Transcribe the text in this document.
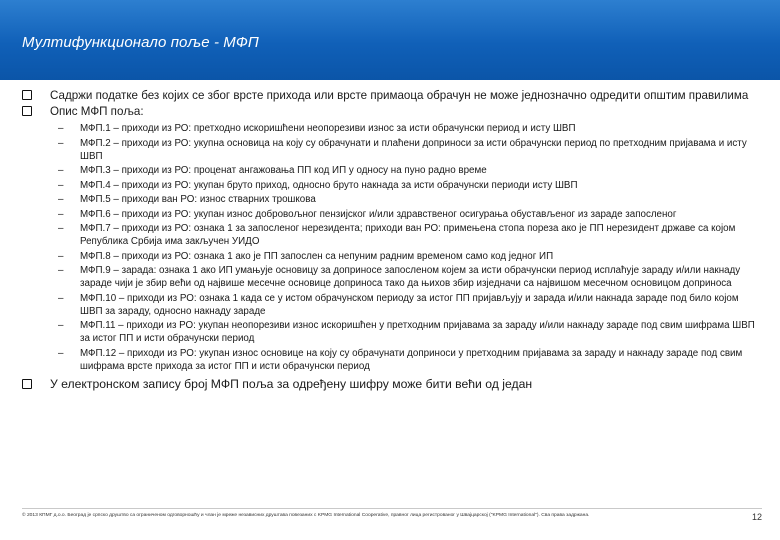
Мултифункционало поље - МФП
Садржи податке без којих се због врсте прихода или врсте примаоца обрачун не може једнозначно одредити општим правилима
Опис МФП поља:
– МФП.1 – приходи из РО: претходно искоришћени неопорезиви износ за исти обрачунски период и исту ШВП
– МФП.2 – приходи из РО: укупна основица на коју су обрачунати и плаћени доприноси за исти обрачунски период по претходним пријавама и исту ШВП
– МФП.3 – приходи из РО: проценат ангажовања ПП код ИП у односу на пуно радно време
– МФП.4 – приходи из РО: укупан бруто приход, односно бруто накнада за исти обрачунски периоди исту ШВП
– МФП.5 – приходи ван РО: износ стварних трошкова
– МФП.6 – приходи из РО: укупан износ добровољног пензијског и/или здравственог осигурања обустављеног из зараде запосленог
– МФП.7 – приходи из РО: ознака 1 за запосленог нерезидента; приходи ван РО: примењена стопа пореза ако је ПП нерезидент државе са којом Република Србија има закључен УИДО
– МФП.8 – приходи из РО: ознака 1 ако је ПП запослен са непуним радним временом само код једног ИП
– МФП.9 – зарада: ознака 1 ако ИП умањује основицу за доприносе запосленом којем за исти обрачунски период исплаћује зараду и/или накнаду зараде чији је збир већи од највише месечне основице доприноса тако да њихов збир изједначи са највишом месечном основицом доприноса
– МФП.10 – приходи из РО: ознака 1 када се у истом обрачунском периоду за истог ПП пријављују и зарада и/или накнада зараде под било којом ШВП за зараду, односно накнаду зараде
– МФП.11 – приходи из РО: укупан неопорезиви износ искоришћен у претходним пријавама за зараду и/или накнаду зараде под свим шифрама ШВП за истог ПП и исти обрачунски период
– МФП.12 – приходи из РО: укупан износ основице на коју су обрачунати доприноси у претходним пријавама за зараду и накнаду зараде под свим шифрама врсте прихода за истог ПП и исти обрачунски период
У електронском запису број МФП поља за одређену шифру може бити већи од један
© 2013 КПМГ д.о.о. Београд је српско друштво са ограниченом одговорношћу и члан је мреже независних друштава повезаних с KPMG International Cooperative, правног лица регистрованог у Швајцарској ("KPMG International"). Сва права задржана.	12
